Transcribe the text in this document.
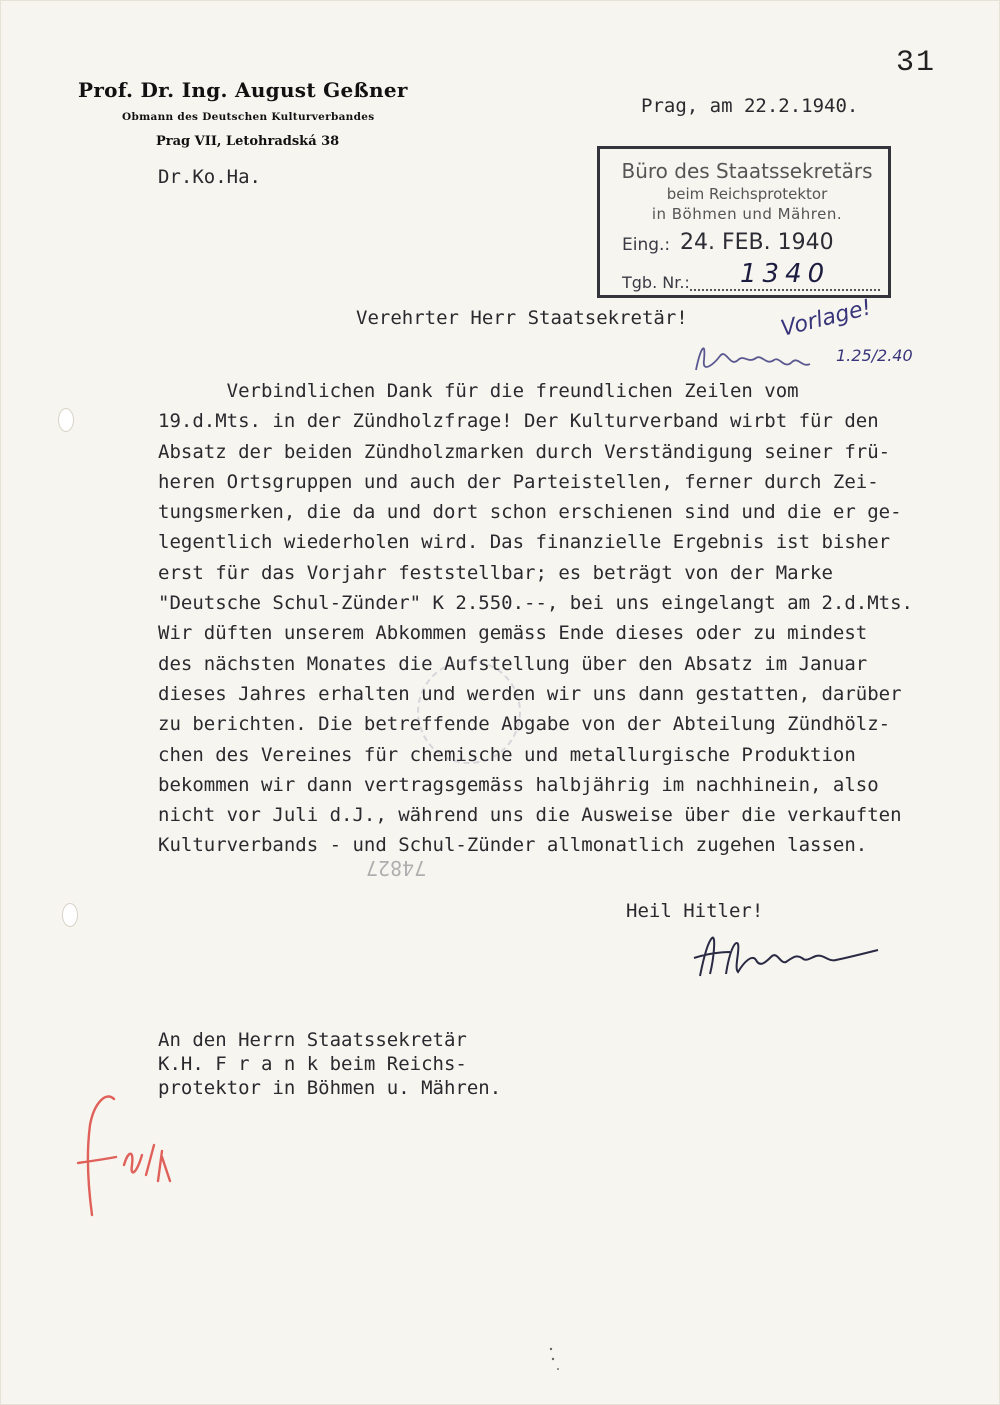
31
Prof. Dr. Ing. August Geßner
Obmann des Deutschen Kulturverbandes
Prag VII, Letohradská 38
Prag, am 22.2.1940.
Dr.Ko.Ha.	Büro des Staatssekretärs
beim Reichsprotektor
in Böhmen und Mähren.
Eing.: 24. FEB. 1940
Tgb. Nr.: 1340
Verehrter Herr Staatsekretär!	Vorlage!
1.25/2.40
Verbindlichen Dank für die freundlichen Zeilen vom
19.d.Mts. in der Zündholzfrage! Der Kulturverband wirbt für den
Absatz der beiden Zündholzmarken durch Verständigung seiner frü-
heren Ortsgruppen und auch der Parteistellen, ferner durch Zei-
tungsmerken, die da und dort schon erschienen sind und die er ge-
legentlich wiederholen wird. Das finanzielle Ergebnis ist bisher
erst für das Vorjahr feststellbar; es beträgt von der Marke
"Deutsche Schul-Zünder" K 2.550.--, bei uns eingelangt am 2.d.Mts.
Wir düften unserem Abkommen gemäss Ende dieses oder zu mindest
des nächsten Monates die Aufstellung über den Absatz im Januar
dieses Jahres erhalten und werden wir uns dann gestatten, darüber
zu berichten. Die betreffende Abgabe von der Abteilung Zündhölz-
chen des Vereines für chemische und metallurgische Produktion
bekommen wir dann vertragsgemäss halbjährig im nachhinein, also
nicht vor Juli d.J., während uns die Ausweise über die verkauften
Kulturverbands - und Schul-Zünder allmonatlich zugehen lassen.
74827
Heil Hitler!
An den Herrn Staatssekretär
K.H. F r a n k beim Reichs-
protektor in Böhmen u. Mähren.
